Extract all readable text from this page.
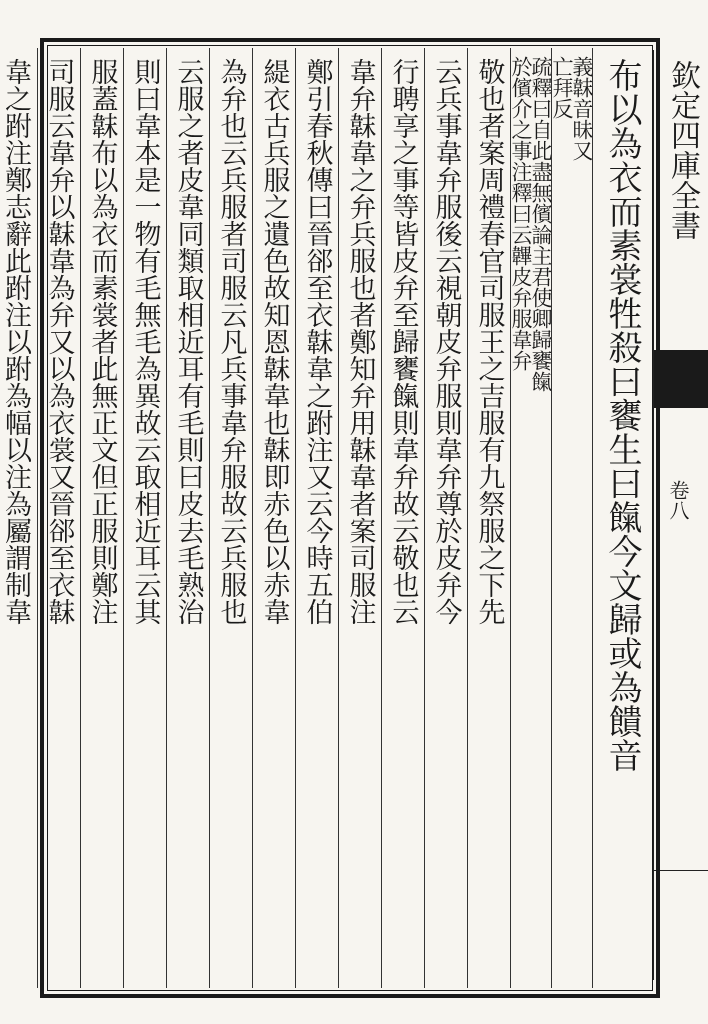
欽定四庫全書
卷八
布以為衣而素裳牲殺曰饔生曰餼今文歸或為饋音
義韎音昧又
亡拜反
疏釋曰自此盡無儐論主君使卿歸饔餼
於儐介之事注釋曰云韠皮弁服韋弁
敬也者案周禮春官司服王之吉服有九祭服之下先
云兵事韋弁服後云視朝皮弁服則韋弁尊於皮弁今
行聘享之事等皆皮弁至歸饔餼則韋弁故云敬也云
韋弁韎韋之弁兵服也者鄭知弁用韎韋者案司服注
鄭引春秋傳曰晉郤至衣韎韋之跗注又云今時五伯
緹衣古兵服之遺色故知恩韎韋也韎即赤色以赤韋
為弁也云兵服者司服云凡兵事韋弁服故云兵服也
云服之者皮韋同類取相近耳有毛則曰皮去毛熟治
則曰韋本是一物有毛無毛為異故云取相近耳云其
服蓋韎布以為衣而素裳者此無正文但正服則鄭注
司服云韋弁以韎韋為弁又以為衣裳又晉郤至衣韎
韋之跗注鄭志辭此跗注以跗為幅以注為屬謂制韋
